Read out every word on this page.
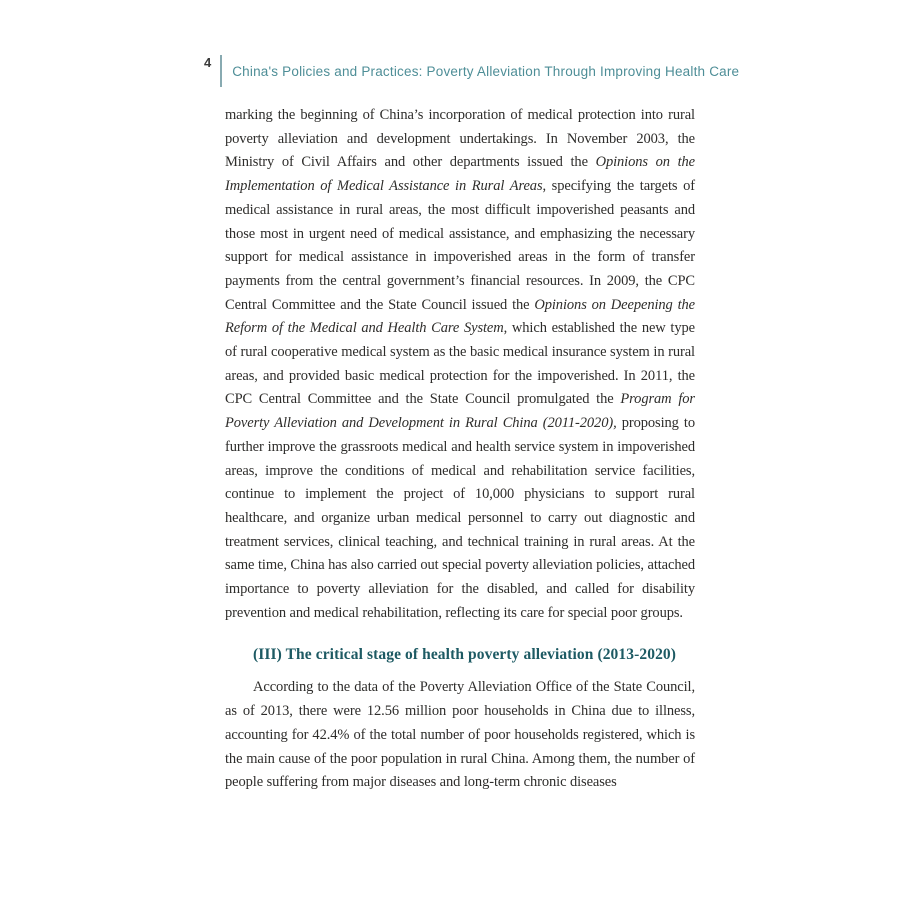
4
China's Policies and Practices: Poverty Alleviation Through Improving Health Care

marking the beginning of China’s incorporation of medical protection into rural poverty alleviation and development undertakings. In November 2003, the Ministry of Civil Affairs and other departments issued the Opinions on the Implementation of Medical Assistance in Rural Areas, specifying the targets of medical assistance in rural areas, the most difficult impoverished peasants and those most in urgent need of medical assistance, and emphasizing the necessary support for medical assistance in impoverished areas in the form of transfer payments from the central government’s financial resources. In 2009, the CPC Central Committee and the State Council issued the Opinions on Deepening the Reform of the Medical and Health Care System, which established the new type of rural cooperative medical system as the basic medical insurance system in rural areas, and provided basic medical protection for the impoverished. In 2011, the CPC Central Committee and the State Council promulgated the Program for Poverty Alleviation and Development in Rural China (2011-2020), proposing to further improve the grassroots medical and health service system in impoverished areas, improve the conditions of medical and rehabilitation service facilities, continue to implement the project of 10,000 physicians to support rural healthcare, and organize urban medical personnel to carry out diagnostic and treatment services, clinical teaching, and technical training in rural areas. At the same time, China has also carried out special poverty alleviation policies, attached importance to poverty alleviation for the disabled, and called for disability prevention and medical rehabilitation, reflecting its care for special poor groups.

(III) The critical stage of health poverty alleviation (2013-2020)

According to the data of the Poverty Alleviation Office of the State Council, as of 2013, there were 12.56 million poor households in China due to illness, accounting for 42.4% of the total number of poor households registered, which is the main cause of the poor population in rural China. Among them, the number of people suffering from major diseases and long-term chronic diseases
